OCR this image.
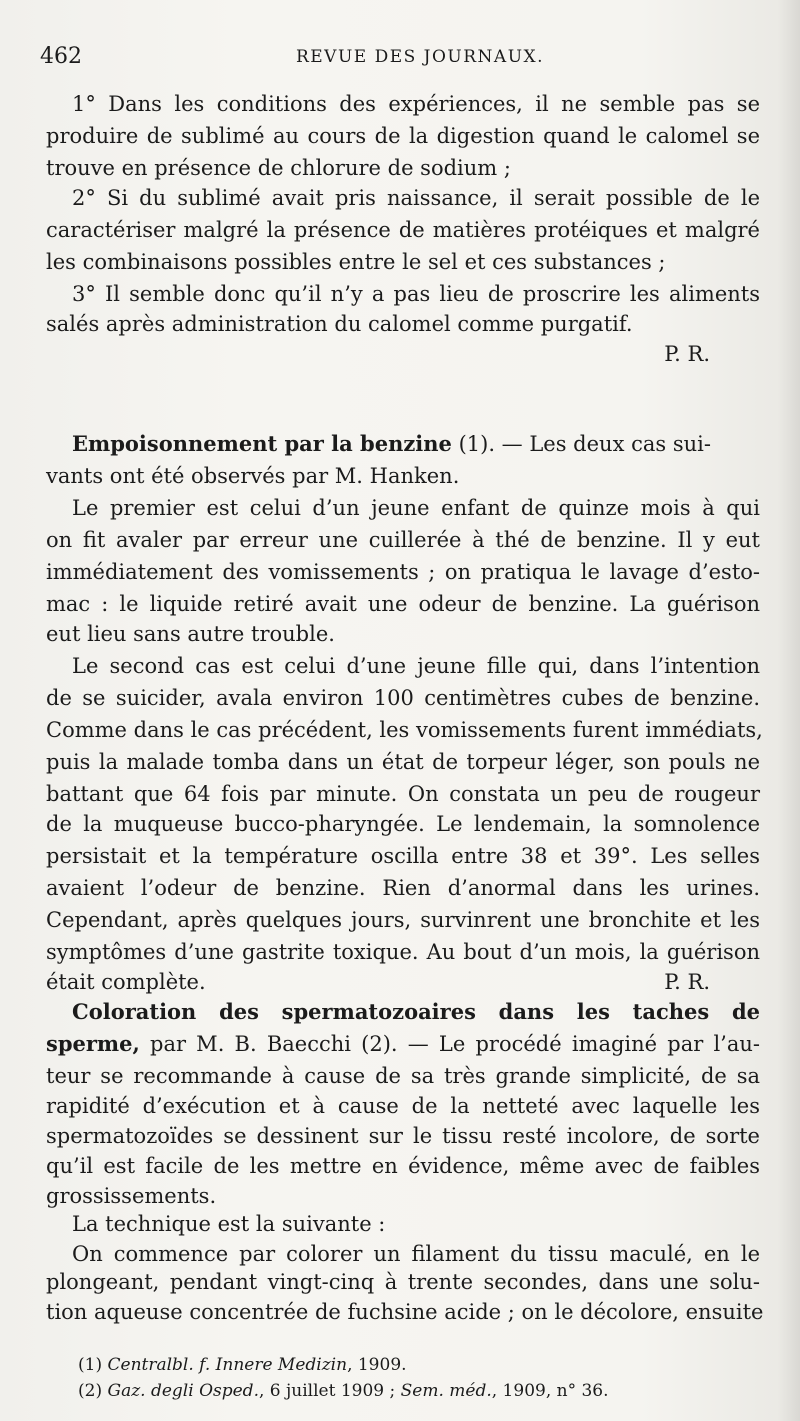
462	REVUE DES JOURNAUX.
1° Dans les conditions des expériences, il ne semble pas se
produire de sublimé au cours de la digestion quand le calomel se
trouve en présence de chlorure de sodium ;
2° Si du sublimé avait pris naissance, il serait possible de le
caractériser malgré la présence de matières protéiques et malgré
les combinaisons possibles entre le sel et ces substances ;
3° Il semble donc qu’il n’y a pas lieu de proscrire les aliments
salés après administration du calomel comme purgatif.
P. R.
Empoisonnement par la benzine (1). — Les deux cas sui-
vants ont été observés par M. Hanken.
Le premier est celui d’un jeune enfant de quinze mois à qui
on fit avaler par erreur une cuillerée à thé de benzine. Il y eut
immédiatement des vomissements ; on pratiqua le lavage d’esto-
mac : le liquide retiré avait une odeur de benzine. La guérison
eut lieu sans autre trouble.
Le second cas est celui d’une jeune fille qui, dans l’intention
de se suicider, avala environ 100 centimètres cubes de benzine.
Comme dans le cas précédent, les vomissements furent immédiats,
puis la malade tomba dans un état de torpeur léger, son pouls ne
battant que 64 fois par minute. On constata un peu de rougeur
de la muqueuse bucco-pharyngée. Le lendemain, la somnolence
persistait et la température oscilla entre 38 et 39°. Les selles
avaient l’odeur de benzine. Rien d’anormal dans les urines.
Cependant, après quelques jours, survinrent une bronchite et les
symptômes d’une gastrite toxique. Au bout d’un mois, la guérison
était complète.	P. R.
Coloration des spermatozoaires dans les taches de
sperme, par M. B. Baecchi (2). — Le procédé imaginé par l’au-
teur se recommande à cause de sa très grande simplicité, de sa
rapidité d’exécution et à cause de la netteté avec laquelle les
spermatozoïdes se dessinent sur le tissu resté incolore, de sorte
qu’il est facile de les mettre en évidence, même avec de faibles
grossissements.
La technique est la suivante :
On commence par colorer un filament du tissu maculé, en le
plongeant, pendant vingt-cinq à trente secondes, dans une solu-
(1) Centralbl. f. Innere Medizin, 1909.
(2) Gaz. degli Osped., 6 juillet 1909 ; Sem. méd., 1909, n° 36.
tion aqueuse concentrée de fuchsine acide ; on le décolore, ensuite
